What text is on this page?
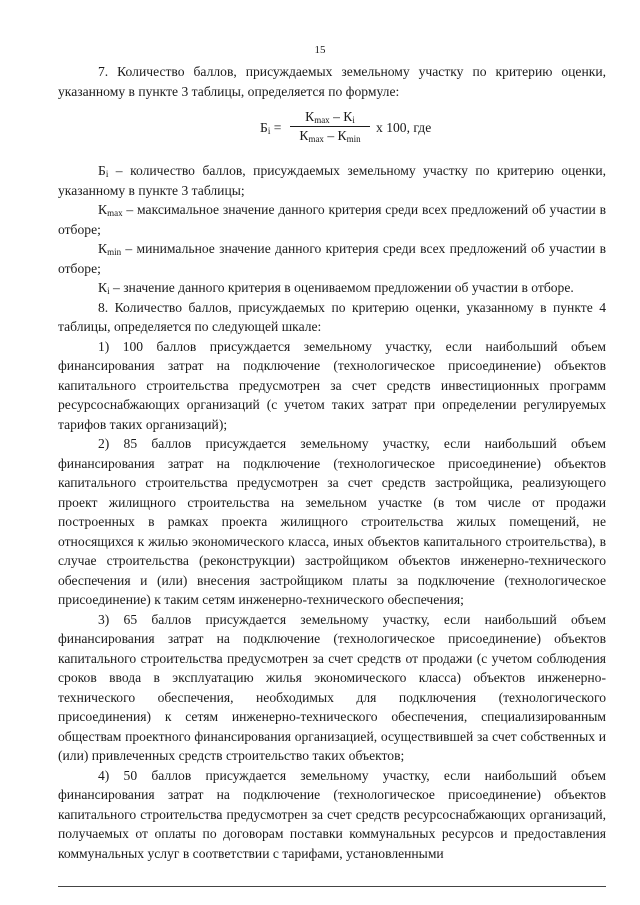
15

7. Количество баллов, присуждаемых земельному участку по критерию оценки, указанному в пункте 3 таблицы, определяется по формуле:

$Б_i$ =
$К_{max} - К_i$
$К_{max} - К_{min}$
x 100, где

$Б_i$ – количество баллов, присуждаемых земельному участку по критерию оценки, указанному в пункте 3 таблицы;

$К_{max}$ – максимальное значение данного критерия среди всех предложений об участии в отборе;

$К_{min}$ – минимальное значение данного критерия среди всех предложений об участии в отборе;

$К_i$ – значение данного критерия в оцениваемом предложении об участии в отборе.

8. Количество баллов, присуждаемых по критерию оценки, указанному в пункте 4 таблицы, определяется по следующей шкале:

1) 100 баллов присуждается земельному участку, если наибольший объем финансирования затрат на подключение (технологическое присоединение) объектов капитального строительства предусмотрен за счет средств инвестиционных программ ресурсоснабжающих организаций (с учетом таких затрат при определении регулируемых тарифов таких организаций);

2) 85 баллов присуждается земельному участку, если наибольший объем финансирования затрат на подключение (технологическое присоединение) объектов капитального строительства предусмотрен за счет средств застройщика, реализующего проект жилищного строительства на земельном участке (в том числе от продажи построенных в рамках проекта жилищного строительства жилых помещений, не относящихся к жилью экономического класса, иных объектов капитального строительства), в случае строительства (реконструкции) застройщиком объектов инженерно-технического обеспечения и (или) внесения застройщиком платы за подключение (технологическое присоединение) к таким сетям инженерно-технического обеспечения;

3) 65 баллов присуждается земельному участку, если наибольший объем финансирования затрат на подключение (технологическое присоединение) объектов капитального строительства предусмотрен за счет средств от продажи (с учетом соблюдения сроков ввода в эксплуатацию жилья экономического класса) объектов инженерно-технического обеспечения, необходимых для подключения (технологического присоединения) к сетям инженерно-технического обеспечения, специализированным обществам проектного финансирования организацией, осуществившей за счет собственных и (или) привлеченных средств строительство таких объектов;

4) 50 баллов присуждается земельному участку, если наибольший объем финансирования затрат на подключение (технологическое присоединение) объектов капитального строительства предусмотрен за счет средств ресурсоснабжающих организаций, получаемых от оплаты по договорам поставки коммунальных ресурсов и предоставления коммунальных услуг в соответствии с тарифами, установленными
